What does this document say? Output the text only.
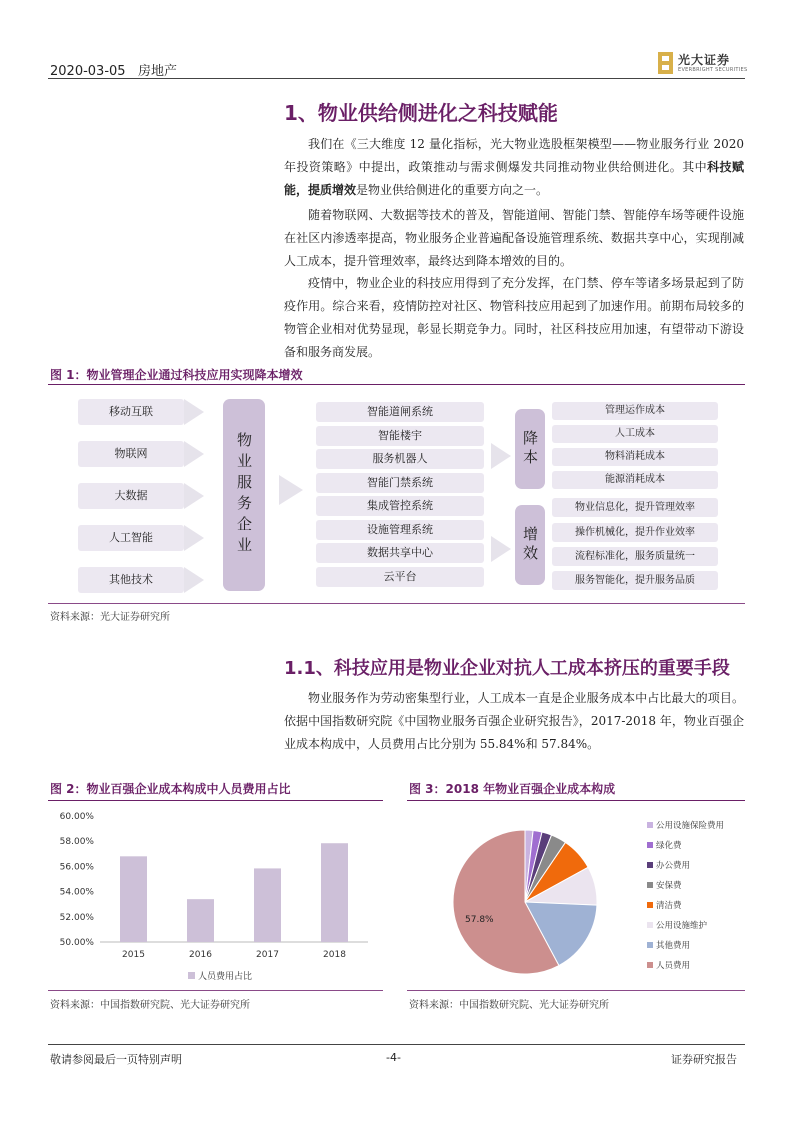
2020-03-05 房地产
光大证券
EVERBRIGHT SECURITIES
1、物业供给侧进化之科技赋能
我们在《三大维度 12 量化指标，光大物业选股框架模型——物业服务行业 2020 年投资策略》中提出，政策推动与需求侧爆发共同推动物业供给侧进化。其中科技赋能，提质增效是物业供给侧进化的重要方向之一。
随着物联网、大数据等技术的普及，智能道闸、智能门禁、智能停车场等硬件设施在社区内渗透率提高，物业服务企业普遍配备设施管理系统、数据共享中心，实现削减人工成本，提升管理效率，最终达到降本增效的目的。
疫情中，物业企业的科技应用得到了充分发挥，在门禁、停车等诸多场景起到了防疫作用。综合来看，疫情防控对社区、物管科技应用起到了加速作用。前期布局较多的物管企业相对优势显现，彰显长期竞争力。同时，社区科技应用加速，有望带动下游设备和服务商发展。
图 1：物业管理企业通过科技应用实现降本增效
移动互联
物联网
大数据
人工智能
其他技术
物业服务企业
智能道闸系统
智能楼宇
服务机器人
智能门禁系统
集成管控系统
设施管理系统
数据共享中心
云平台
降本
增效
管理运作成本
人工成本
物料消耗成本
能源消耗成本
物业信息化，提升管理效率
操作机械化，提升作业效率
流程标准化，服务质量统一
服务智能化，提升服务品质
资料来源：光大证券研究所
1.1、科技应用是物业企业对抗人工成本挤压的重要手段
物业服务作为劳动密集型行业，人工成本一直是企业服务成本中占比最大的项目。依据中国指数研究院《中国物业服务百强企业研究报告》，2017-2018 年，物业百强企业成本构成中，人员费用占比分别为 55.84%和 57.84%。
图 2：物业百强企业成本构成中人员费用占比
50.00%
52.00%
54.00%
56.00%
58.00%
60.00%
2015	2016	2017	2018
人员费用占比
资料来源：中国指数研究院、光大证券研究所
图 3：2018 年物业百强企业成本构成
57.8%
公用设施保险费用
绿化费
办公费用
安保费
清洁费
公用设施维护
其他费用
人员费用
资料来源：中国指数研究院、光大证券研究所
敬请参阅最后一页特别声明	-4-	证券研究报告
